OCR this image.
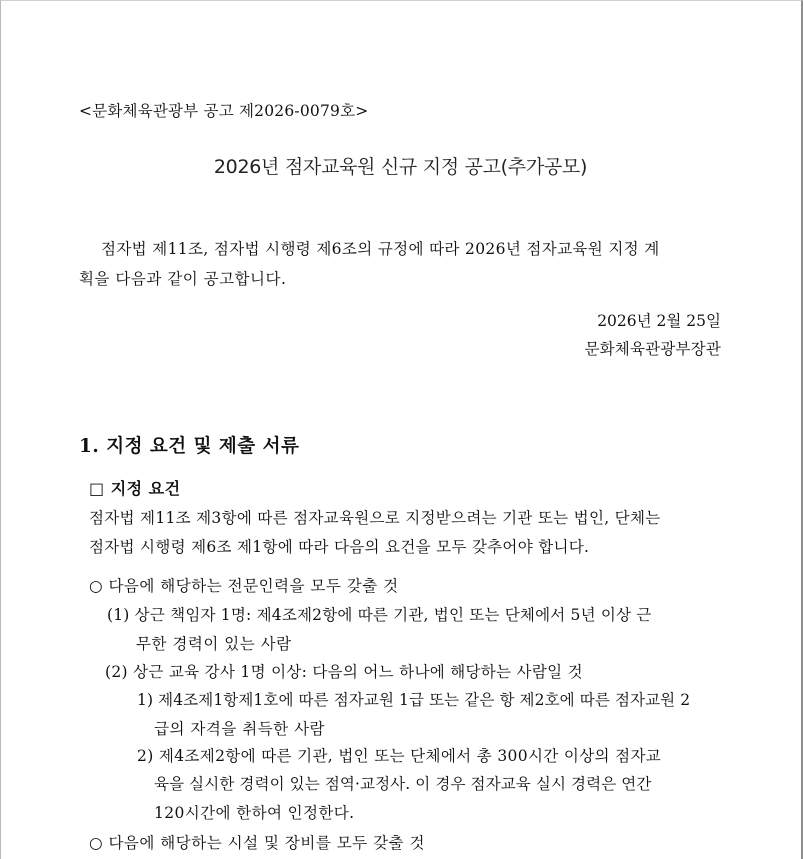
<문화체육관광부 공고 제2026-0079호>
2026년 점자교육원 신규 지정 공고(추가공모)
점자법 제11조, 점자법 시행령 제6조의 규정에 따라 2026년 점자교육원 지정 계
획을 다음과 같이 공고합니다.
2026년 2월 25일
문화체육관광부장관
1. 지정 요건 및 제출 서류
□ 지정 요건
점자법 제11조 제3항에 따른 점자교육원으로 지정받으려는 기관 또는 법인, 단체는
점자법 시행령 제6조 제1항에 따라 다음의 요건을 모두 갖추어야 합니다.
○ 다음에 해당하는 전문인력을 모두 갖출 것
(1) 상근 책임자 1명: 제4조제2항에 따른 기관, 법인 또는 단체에서 5년 이상 근
무한 경력이 있는 사람
(2) 상근 교육 강사 1명 이상: 다음의 어느 하나에 해당하는 사람일 것
1) 제4조제1항제1호에 따른 점자교원 1급 또는 같은 항 제2호에 따른 점자교원 2
급의 자격을 취득한 사람
2) 제4조제2항에 따른 기관, 법인 또는 단체에서 총 300시간 이상의 점자교
육을 실시한 경력이 있는 점역·교정사. 이 경우 점자교육 실시 경력은 연간
120시간에 한하여 인정한다.
○ 다음에 해당하는 시설 및 장비를 모두 갖출 것
